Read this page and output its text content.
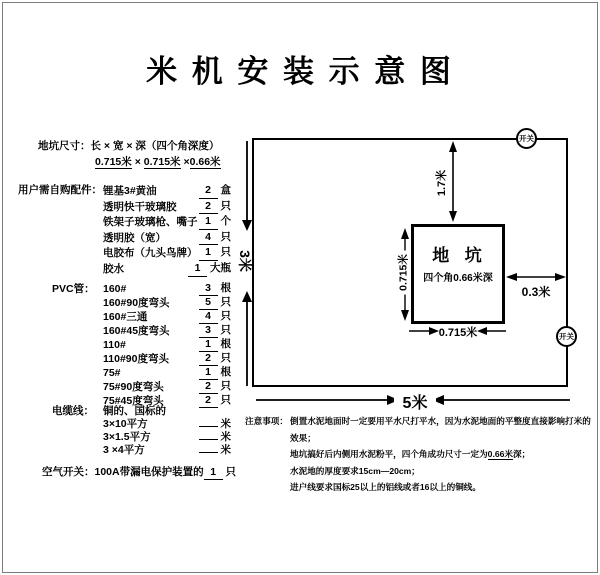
米 机 安 装 示 意 图
地坑尺寸：长 × 宽 × 深（四个角深度）
0.715米 × 0.715米 ×0.66米
用户需自购配件： 锂基3#黄油	2 盒
透明快干玻璃胶	2 只
铁架子玻璃枪、嘴子 1 个
透明胶（宽）	4 只
电胶布（九头鸟牌） 1 只
胶水	1 大瓶
PVC管： 160#	3 根
160#90度弯头	5 只
160#三通	4 只
160#45度弯头	3 只
110#	1 根
110#90度弯头	2 只
75#	1 根
75#90度弯头	2 只
75#45度弯头	2 只
电缆线： 铜的、国标的
3×10平方	米
3×1.5平方	米
3 ×4平方	米
空气开关：100A带漏电保护装置的 1 只
地  坑
四个角0.66米深
开关
开关
1.7米
0.3米
0.715米
0.715米
3米
5米
注意事项： 倒置水泥地面时一定要用平水尺打平水，因为水泥地面的平整度直接影响打米的效果；
地坑搞好后内侧用水泥粉平，四个角成功尺寸一定为0.66米深；
水泥地的厚度要求15cm—20cm；
进户线要求国标25以上的铝线或者16以上的铜线。
